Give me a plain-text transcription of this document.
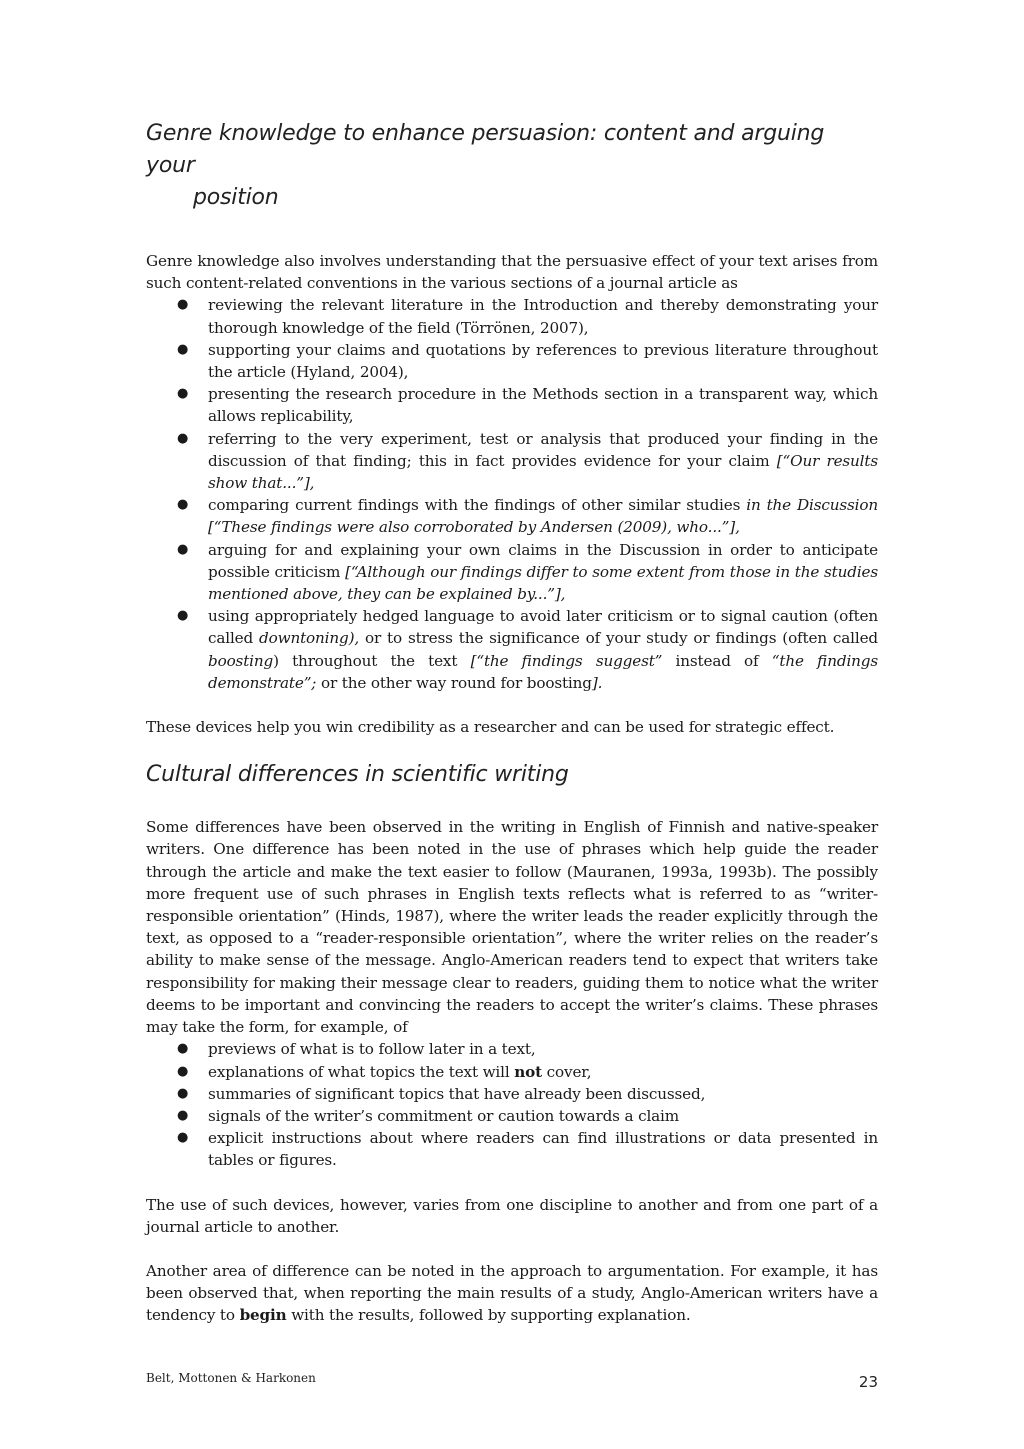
Genre knowledge to enhance persuasion: content and arguing your
position

Genre knowledge also involves understanding that the persuasive effect of your text arises from such content-related conventions in the various sections of a journal article as

● reviewing the relevant literature in the Introduction and thereby demonstrating your thorough knowledge of the field (Törrönen, 2007),
● supporting your claims and quotations by references to previous literature throughout the article (Hyland, 2004),
● presenting the research procedure in the Methods section in a transparent way, which allows replicability,
● referring to the very experiment, test or analysis that produced your finding in the discussion of that finding; this in fact provides evidence for your claim [“Our results show that...”],
● comparing current findings with the findings of other similar studies in the Discussion [“These findings were also corroborated by Andersen (2009), who...”],
● arguing for and explaining your own claims in the Discussion in order to anticipate possible criticism [“Although our findings differ to some extent from those in the studies mentioned above, they can be explained by...”],
● using appropriately hedged language to avoid later criticism or to signal caution (often called downtoning), or to stress the significance of your study or findings (often called boosting) throughout the text [“the findings suggest” instead of “the findings demonstrate”; or the other way round for boosting].

These devices help you win credibility as a researcher and can be used for strategic effect.

Cultural differences in scientific writing

Some differences have been observed in the writing in English of Finnish and native-speaker writers. One difference has been noted in the use of phrases which help guide the reader through the article and make the text easier to follow (Mauranen, 1993a, 1993b). The possibly more frequent use of such phrases in English texts reflects what is referred to as “writer-responsible orientation” (Hinds, 1987), where the writer leads the reader explicitly through the text, as opposed to a “reader-responsible orientation”, where the writer relies on the reader’s ability to make sense of the message. Anglo-American readers tend to expect that writers take responsibility for making their message clear to readers, guiding them to notice what the writer deems to be important and convincing the readers to accept the writer’s claims. These phrases may take the form, for example, of

● previews of what is to follow later in a text,
● explanations of what topics the text will not cover,
● summaries of significant topics that have already been discussed,
● signals of the writer’s commitment or caution towards a claim
● explicit instructions about where readers can find illustrations or data presented in tables or figures.

The use of such devices, however, varies from one discipline to another and from one part of a journal article to another.

Another area of difference can be noted in the approach to argumentation. For example, it has been observed that, when reporting the main results of a study, Anglo-American writers have a tendency to begin with the results, followed by supporting explanation.

Belt, Mottonen & Harkonen	23
